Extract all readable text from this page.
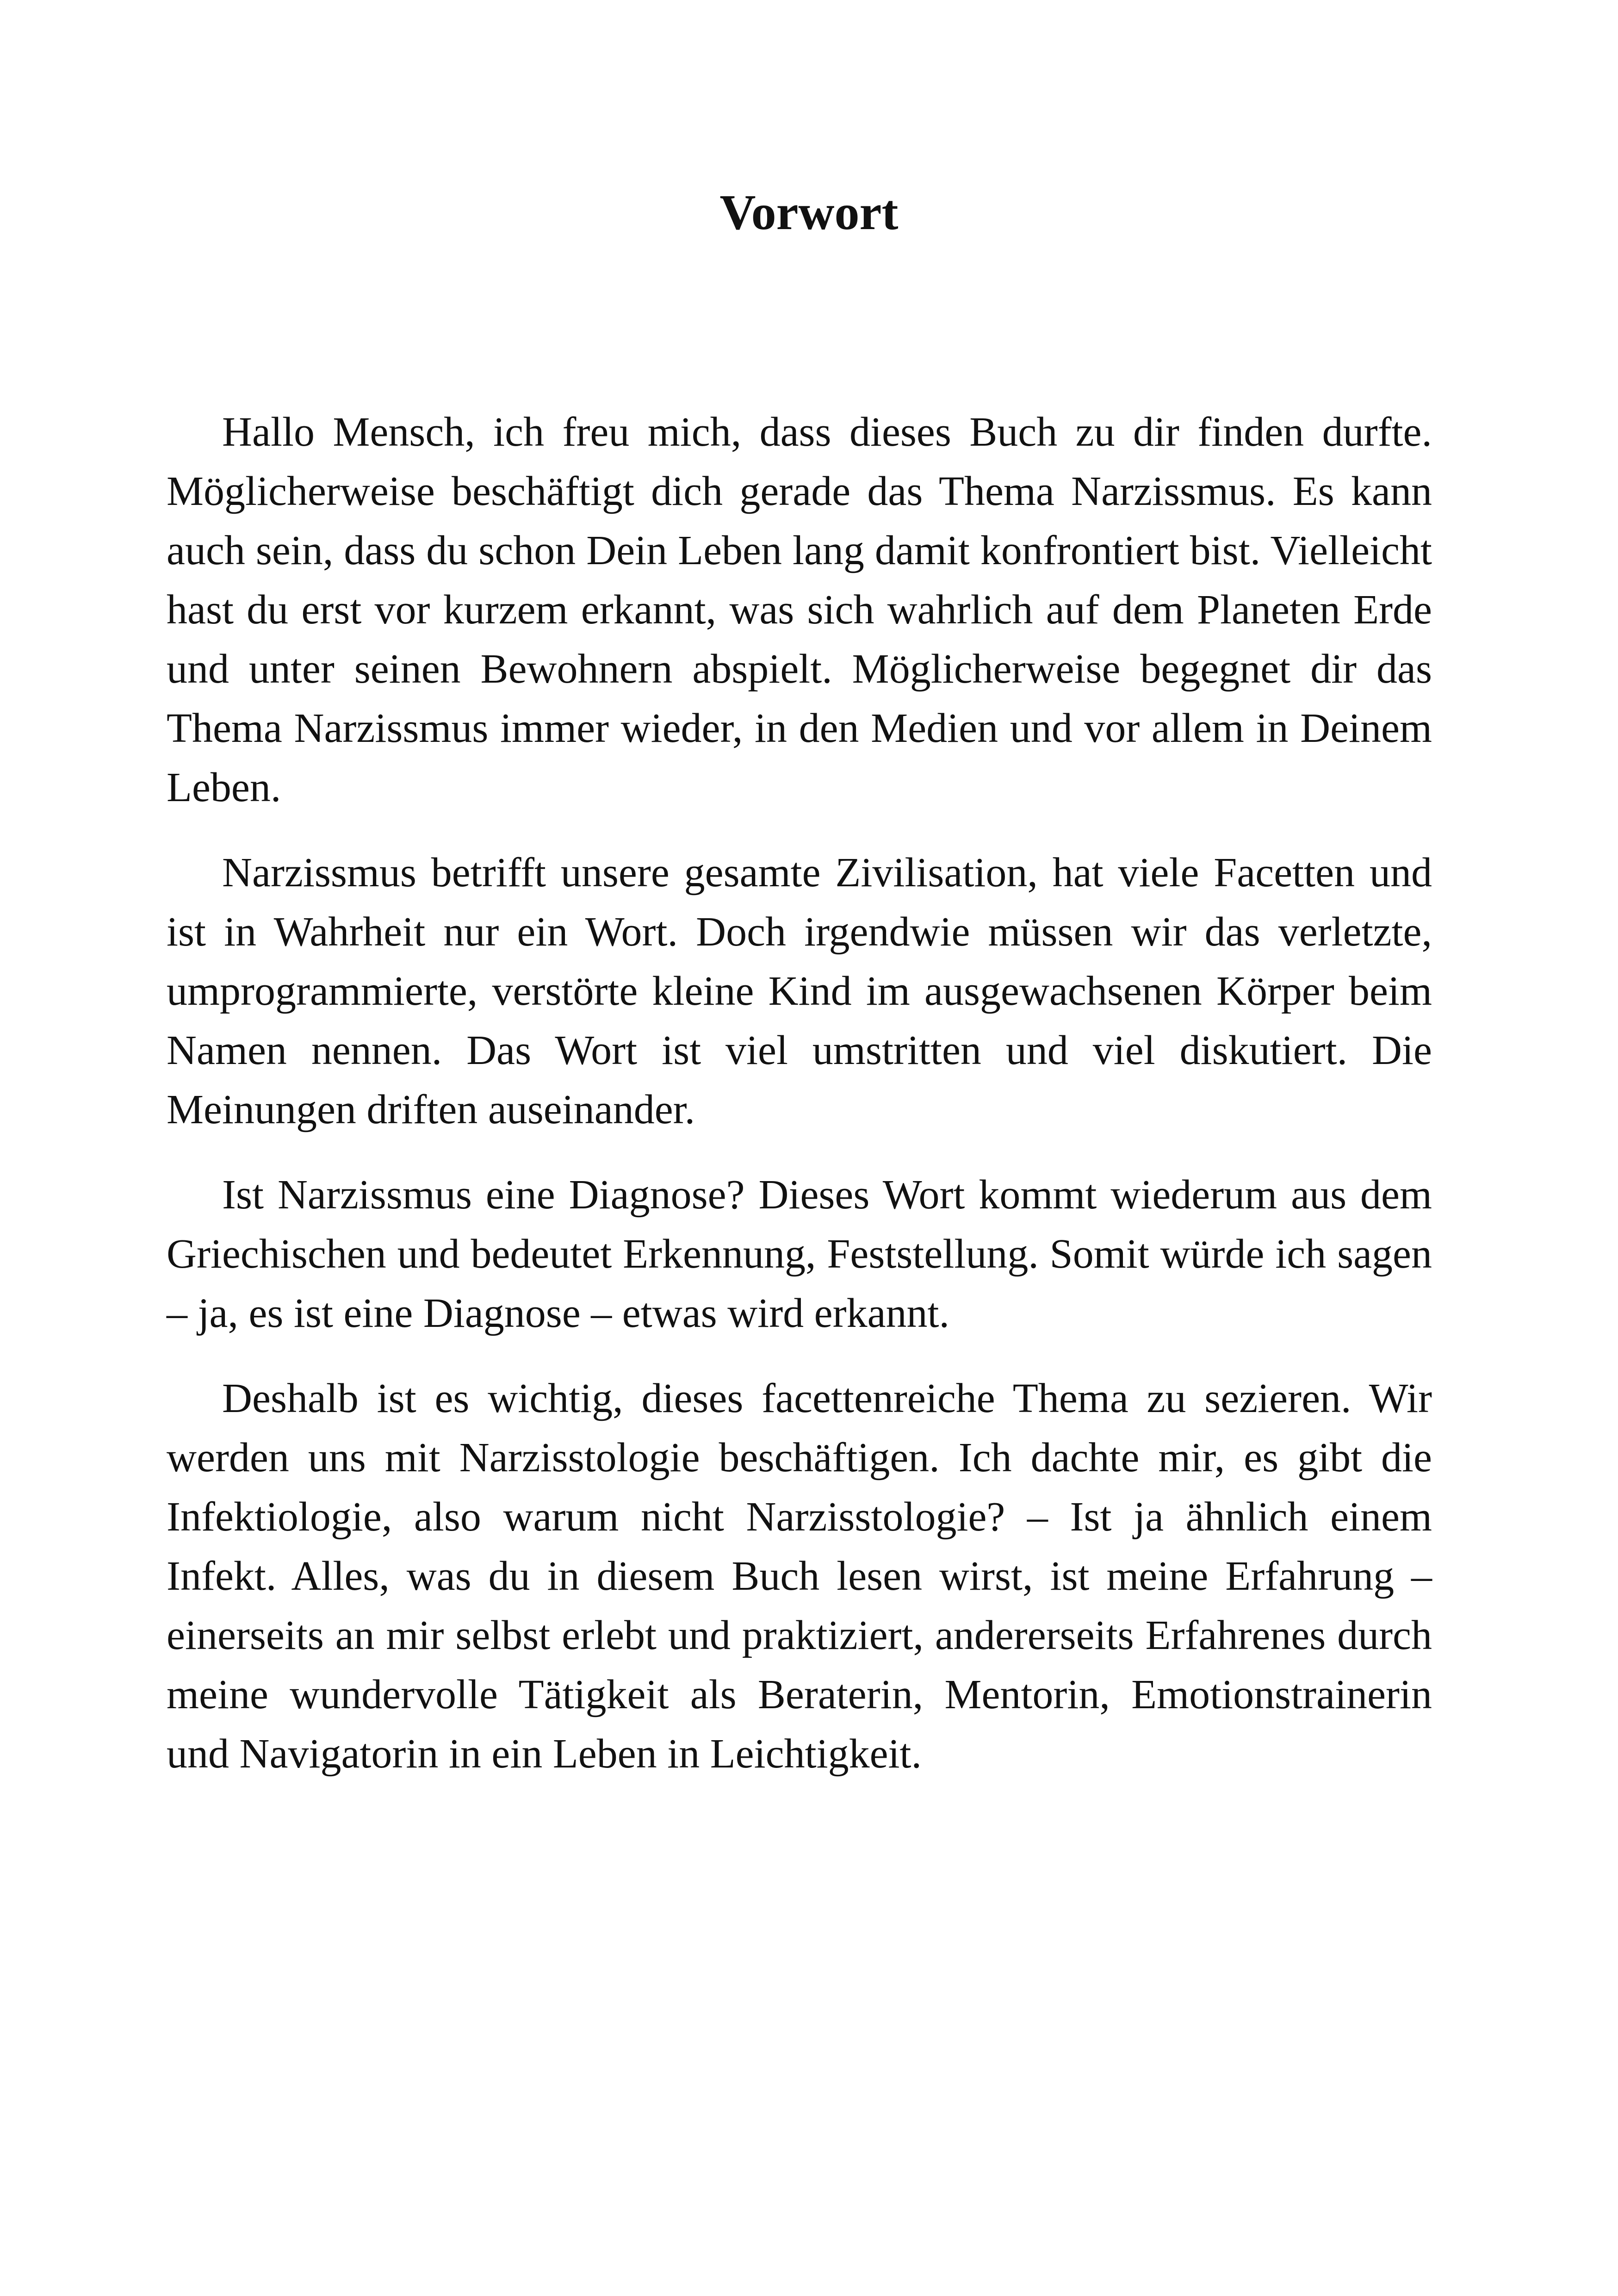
Vorwort

Hallo Mensch, ich freu mich, dass dieses Buch zu dir finden durfte. Möglicherweise beschäftigt dich gerade das Thema Narzissmus. Es kann auch sein, dass du schon Dein Leben lang damit konfrontiert bist. Vielleicht hast du erst vor kurzem erkannt, was sich wahrlich auf dem Planeten Erde und unter seinen Bewohnern abspielt. Möglicherweise begegnet dir das Thema Narzissmus immer wieder, in den Medien und vor allem in Deinem Leben.

Narzissmus betrifft unsere gesamte Zivilisation, hat viele Facetten und ist in Wahrheit nur ein Wort. Doch irgendwie müssen wir das verletzte, umprogrammierte, verstörte kleine Kind im ausgewachsenen Körper beim Namen nennen. Das Wort ist viel umstritten und viel diskutiert. Die Meinungen driften auseinander.

Ist Narzissmus eine Diagnose? Dieses Wort kommt wiederum aus dem Griechischen und bedeutet Erkennung, Feststellung. Somit würde ich sagen – ja, es ist eine Diagnose – etwas wird erkannt.

Deshalb ist es wichtig, dieses facettenreiche Thema zu sezieren. Wir werden uns mit Narzisstologie beschäftigen. Ich dachte mir, es gibt die Infektiologie, also warum nicht Narzisstologie? – Ist ja ähnlich einem Infekt. Alles, was du in diesem Buch lesen wirst, ist meine Erfahrung – einerseits an mir selbst erlebt und praktiziert, andererseits Erfahrenes durch meine wundervolle Tätigkeit als Beraterin, Mentorin, Emotionstrainerin und Navigatorin in ein Leben in Leichtigkeit.
